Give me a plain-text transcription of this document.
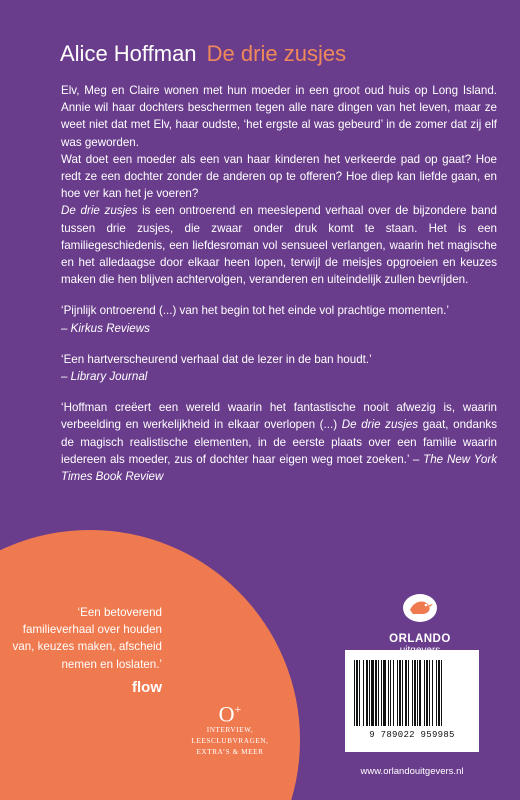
Alice Hoffman De drie zusjes

Elv, Meg en Claire wonen met hun moeder in een groot oud huis op Long Island. Annie wil haar dochters beschermen tegen alle nare dingen van het leven, maar ze weet niet dat met Elv, haar oudste, ‘het ergste al was gebeurd’ in de zomer dat zij elf was geworden.

Wat doet een moeder als een van haar kinderen het verkeerde pad op gaat? Hoe redt ze een dochter zonder de anderen op te offeren? Hoe diep kan liefde gaan, en hoe ver kan het je voeren?

De drie zusjes is een ontroerend en meeslepend verhaal over de bijzondere band tussen drie zusjes, die zwaar onder druk komt te staan. Het is een familiegeschiedenis, een liefdesroman vol sensueel verlangen, waarin het magische en het alledaagse door elkaar heen lopen, terwijl de meisjes opgroeien en keuzes maken die hen blijven achtervolgen, veranderen en uiteindelijk zullen bevrijden.

‘Pijnlijk ontroerend (...) van het begin tot het einde vol prachtige momenten.’
– Kirkus Reviews

‘Een hartverscheurend verhaal dat de lezer in de ban houdt.’
– Library Journal

‘Hoffman creëert een wereld waarin het fantastische nooit afwezig is, waarin verbeelding en werkelijkheid in elkaar overlopen (...) De drie zusjes gaat, ondanks de magisch realistische elementen, in de eerste plaats over een familie waarin iedereen als moeder, zus of dochter haar eigen weg moet zoeken.’ – The New York Times Book Review

‘Een betoverend familieverhaal over houden van, keuzes maken, afscheid nemen en loslaten.’
flow
O+
INTERVIEW,
LEESCLUBVRAGEN,
EXTRA’S & MEER
ORLANDO
9 789022 959985
www.orlandouitgevers.nl
